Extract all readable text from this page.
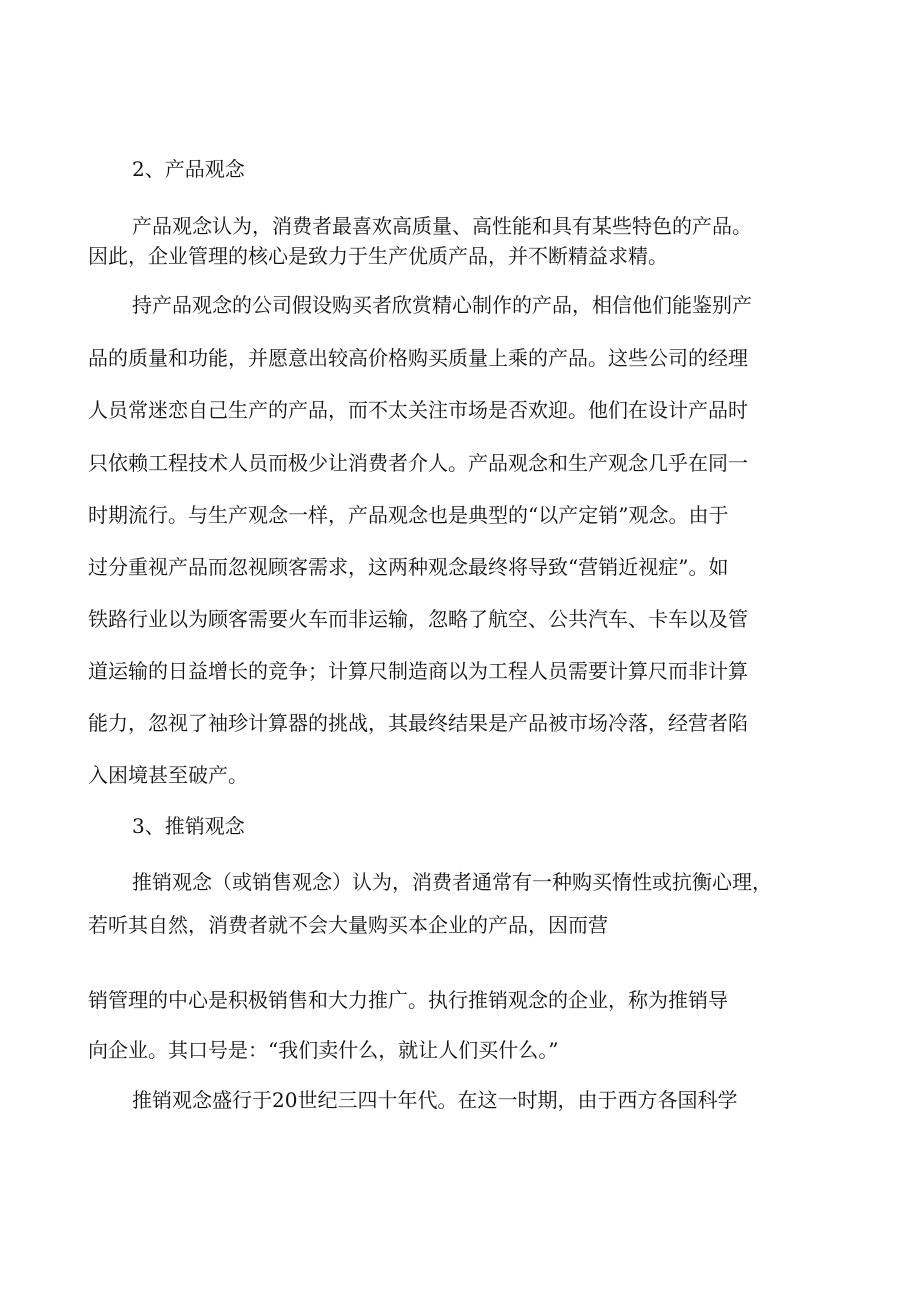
2、产品观念
产品观念认为，消费者最喜欢高质量、高性能和具有某些特色的产品。
因此，企业管理的核心是致力于生产优质产品，并不断精益求精。
持产品观念的公司假设购买者欣赏精心制作的产品，相信他们能鉴别产
品的质量和功能，并愿意出较高价格购买质量上乘的产品。这些公司的经理
人员常迷恋自己生产的产品，而不太关注市场是否欢迎。他们在设计产品时
只依赖工程技术人员而极少让消费者介人。产品观念和生产观念几乎在同一
时期流行。与生产观念一样，产品观念也是典型的“以产定销”观念。由于
过分重视产品而忽视顾客需求，这两种观念最终将导致“营销近视症”。如
铁路行业以为顾客需要火车而非运输，忽略了航空、公共汽车、卡车以及管
道运输的日益增长的竞争；计算尺制造商以为工程人员需要计算尺而非计算
能力，忽视了袖珍计算器的挑战，其最终结果是产品被市场冷落，经营者陷
入困境甚至破产。
3、推销观念
推销观念（或销售观念）认为，消费者通常有一种购买惰性或抗衡心理，
若听其自然，消费者就不会大量购买本企业的产品，因而营
销管理的中心是积极销售和大力推广。执行推销观念的企业，称为推销导
向企业。其口号是：“我们卖什么，就让人们买什么。”
推销观念盛行于20世纪三四十年代。在这一时期，由于西方各国科学
